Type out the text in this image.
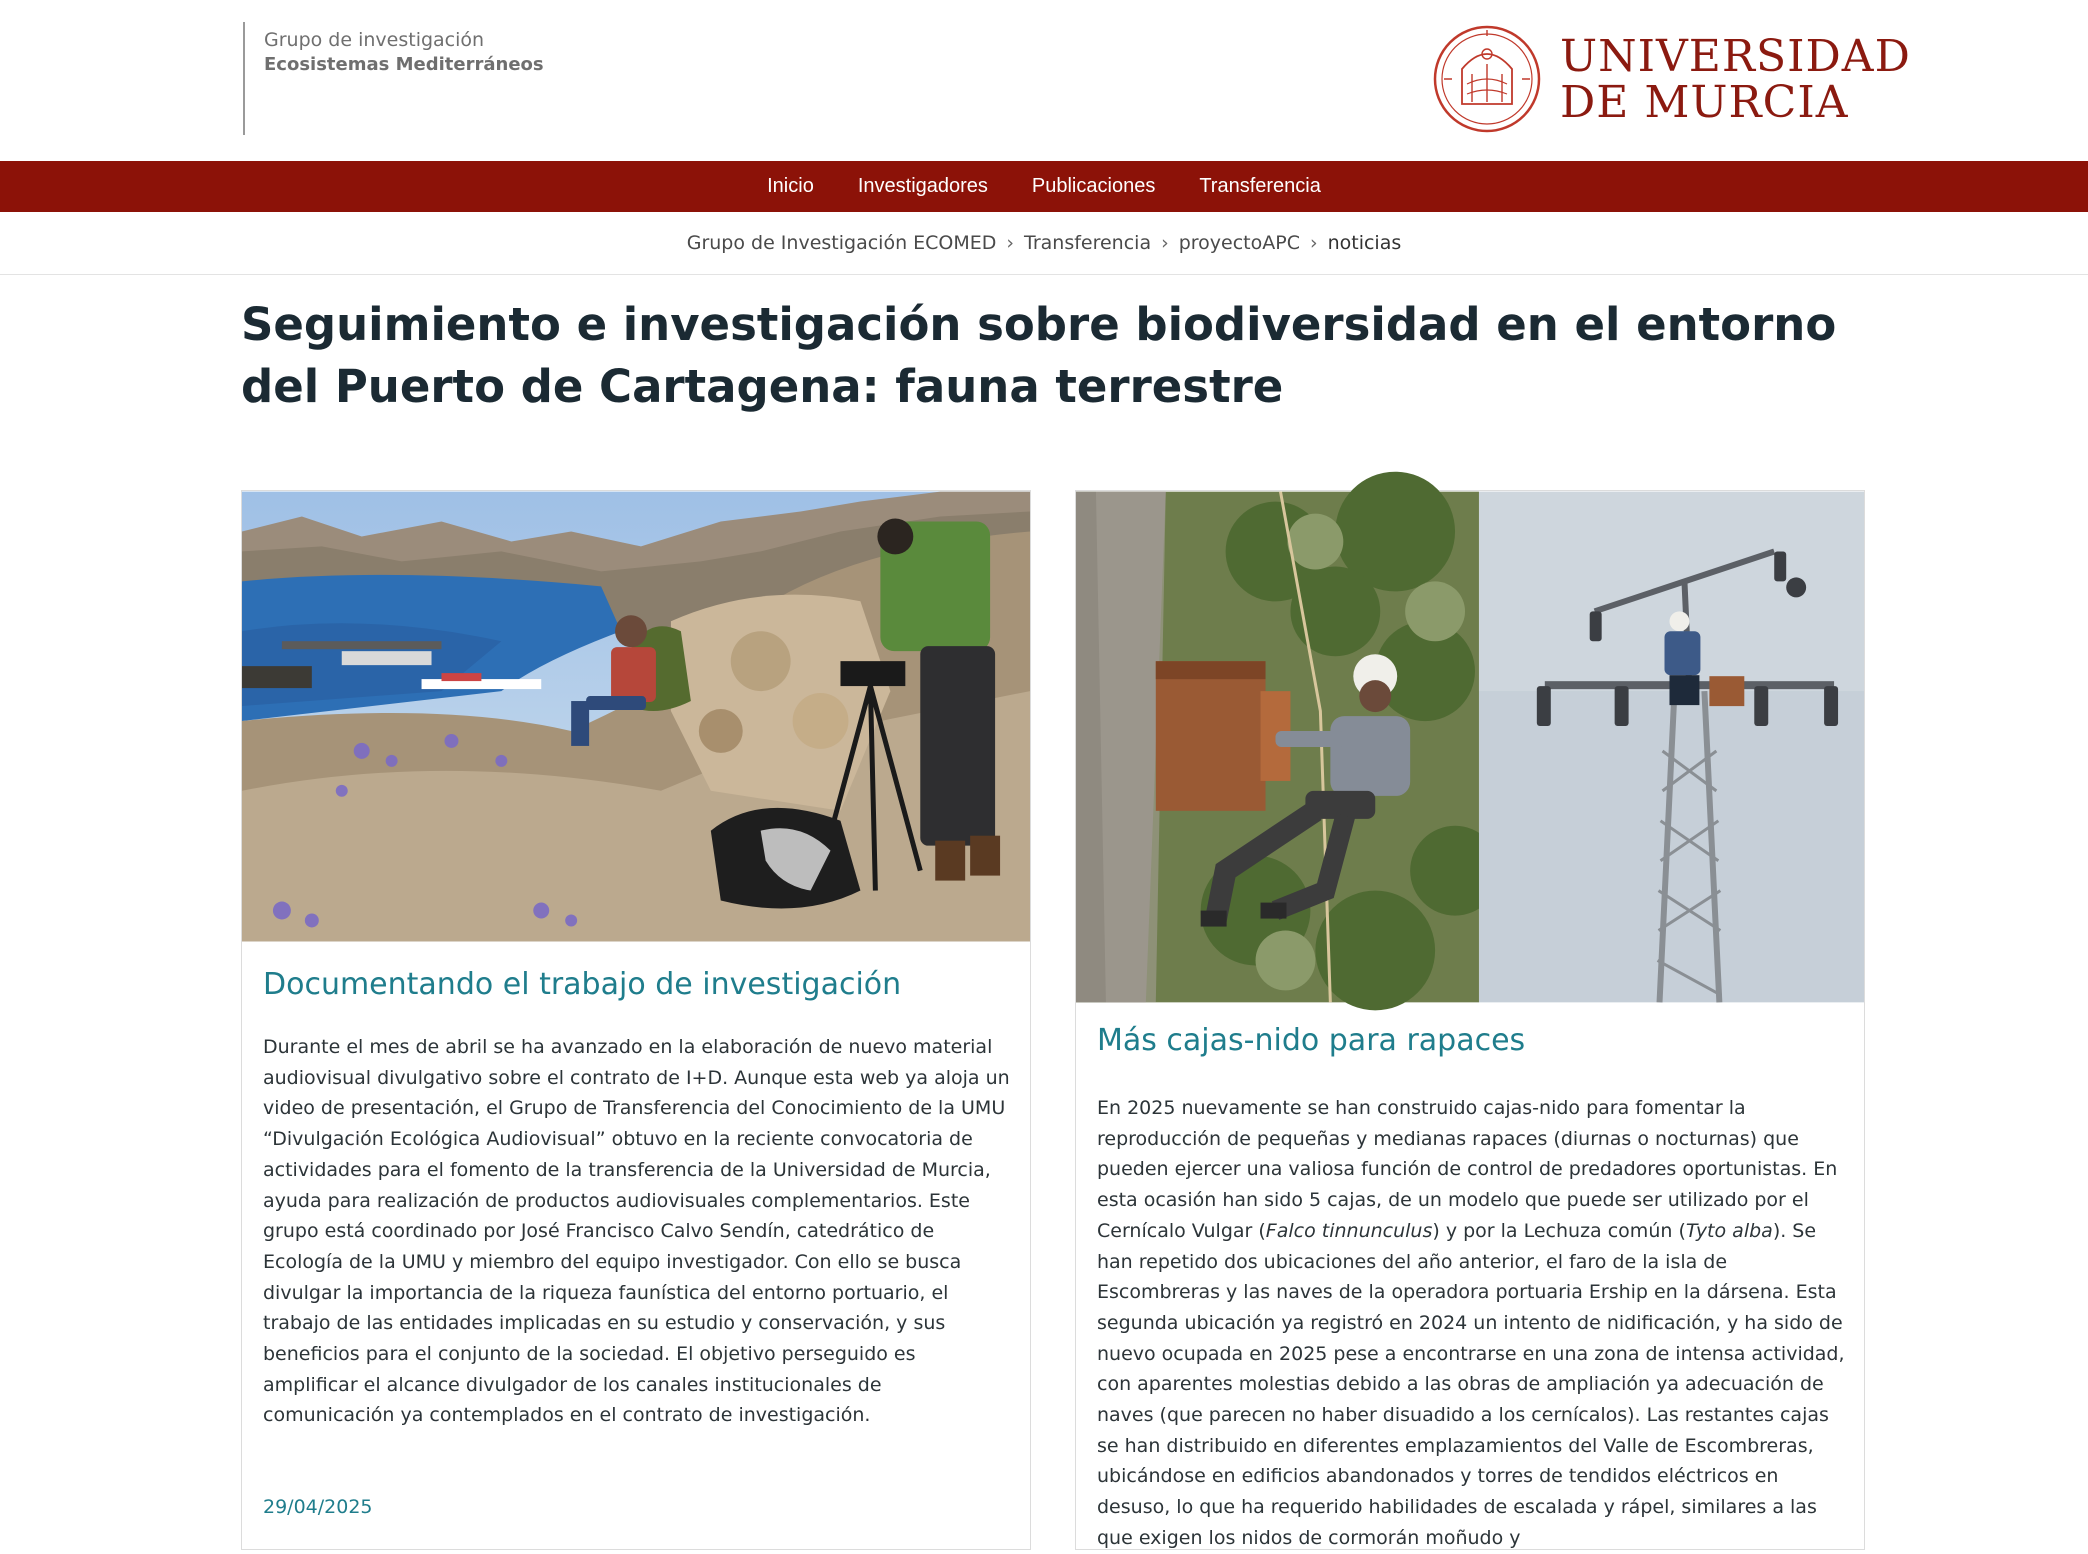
Grupo de investigación
Ecosistemas Mediterráneos	UNIVERSIDAD
DE MURCIA
Inicio	Investigadores	Publicaciones	Transferencia
Grupo de Investigación ECOMED › Transferencia › proyectoAPC › noticias
Seguimiento e investigación sobre biodiversidad en el entorno del Puerto de Cartagena: fauna terrestre
Documentando el trabajo de investigación
Durante el mes de abril se ha avanzado en la elaboración de nuevo material audiovisual divulgativo sobre el contrato de I+D. Aunque esta web ya aloja un video de presentación, el Grupo de Transferencia del Conocimiento de la UMU “Divulgación Ecológica Audiovisual” obtuvo en la reciente convocatoria de actividades para el fomento de la transferencia de la Universidad de Murcia, ayuda para realización de productos audiovisuales complementarios. Este grupo está coordinado por José Francisco Calvo Sendín, catedrático de Ecología de la UMU y miembro del equipo investigador. Con ello se busca divulgar la importancia de la riqueza faunística del entorno portuario, el trabajo de las entidades implicadas en su estudio y conservación, y sus beneficios para el conjunto de la sociedad. El objetivo perseguido es amplificar el alcance divulgador de los canales institucionales de comunicación ya contemplados en el contrato de investigación.
29/04/2025
Más cajas-nido para rapaces
En 2025 nuevamente se han construido cajas-nido para fomentar la reproducción de pequeñas y medianas rapaces (diurnas o nocturnas) que pueden ejercer una valiosa función de control de predadores oportunistas. En esta ocasión han sido 5 cajas, de un modelo que puede ser utilizado por el Cernícalo Vulgar (Falco tinnunculus) y por la Lechuza común (Tyto alba). Se han repetido dos ubicaciones del año anterior, el faro de la isla de Escombreras y las naves de la operadora portuaria Ership en la dársena. Esta segunda ubicación ya registró en 2024 un intento de nidificación, y ha sido de nuevo ocupada en 2025 pese a encontrarse en una zona de intensa actividad, con aparentes molestias debido a las obras de ampliación ya adecuación de naves (que parecen no haber disuadido a los cernícalos). Las restantes cajas se han distribuido en diferentes emplazamientos del Valle de Escombreras, ubicándose en edificios abandonados y torres de tendidos eléctricos en desuso, lo que ha requerido habilidades de escalada y rápel, similares a las que exigen los nidos de cormorán moñudo y
